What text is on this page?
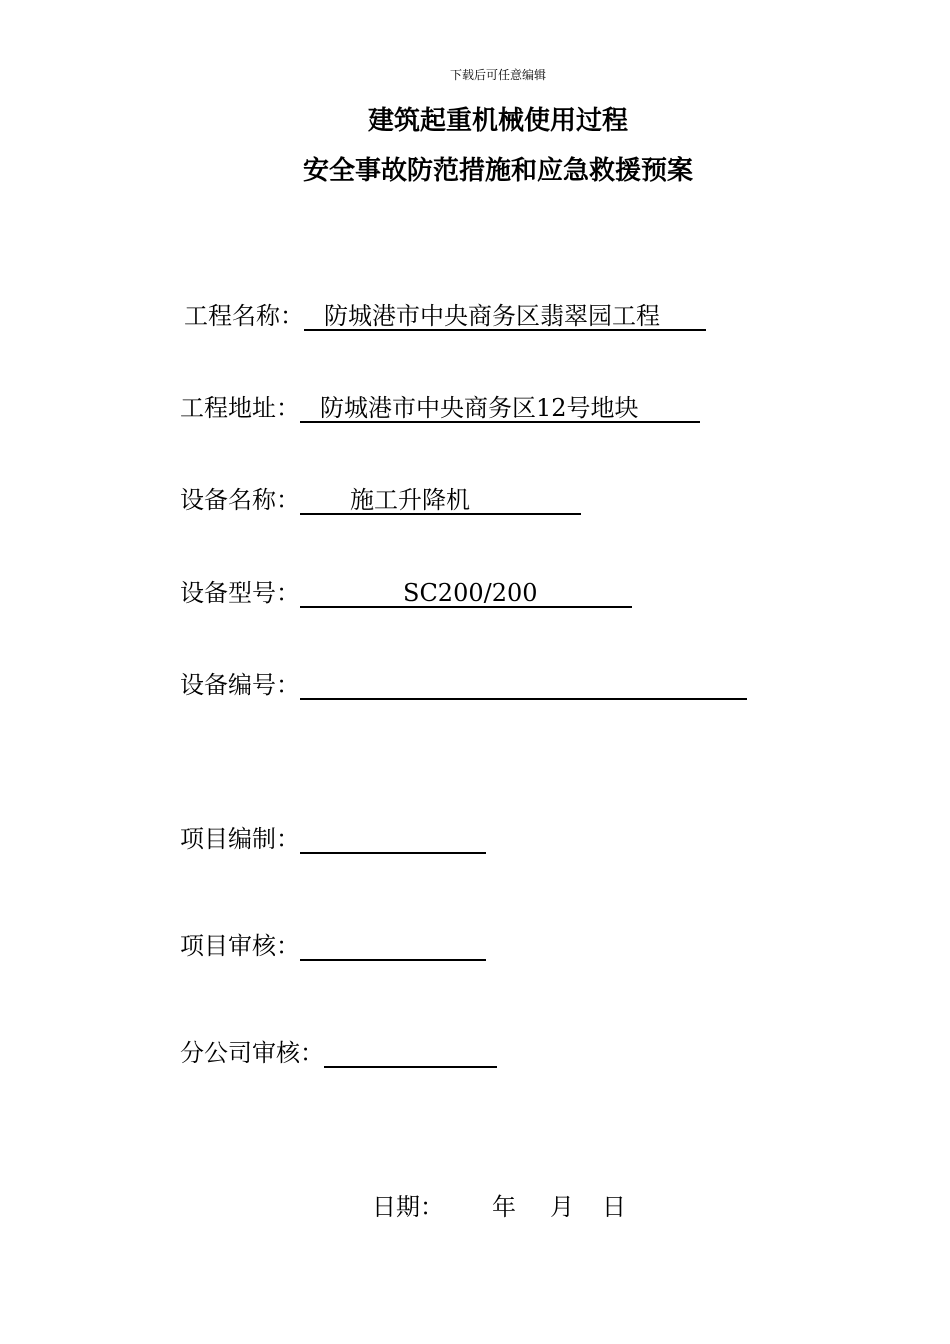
下载后可任意编辑
建筑起重机械使用过程
安全事故防范措施和应急救援预案
工程名称： 防城港市中央商务区翡翠园工程
工程地址： 防城港市中央商务区12号地块
设备名称： 施工升降机
设备型号：	SC200/200
设备编号：
项目编制：
项目审核：
分公司审核：
日期： 年 月 日
